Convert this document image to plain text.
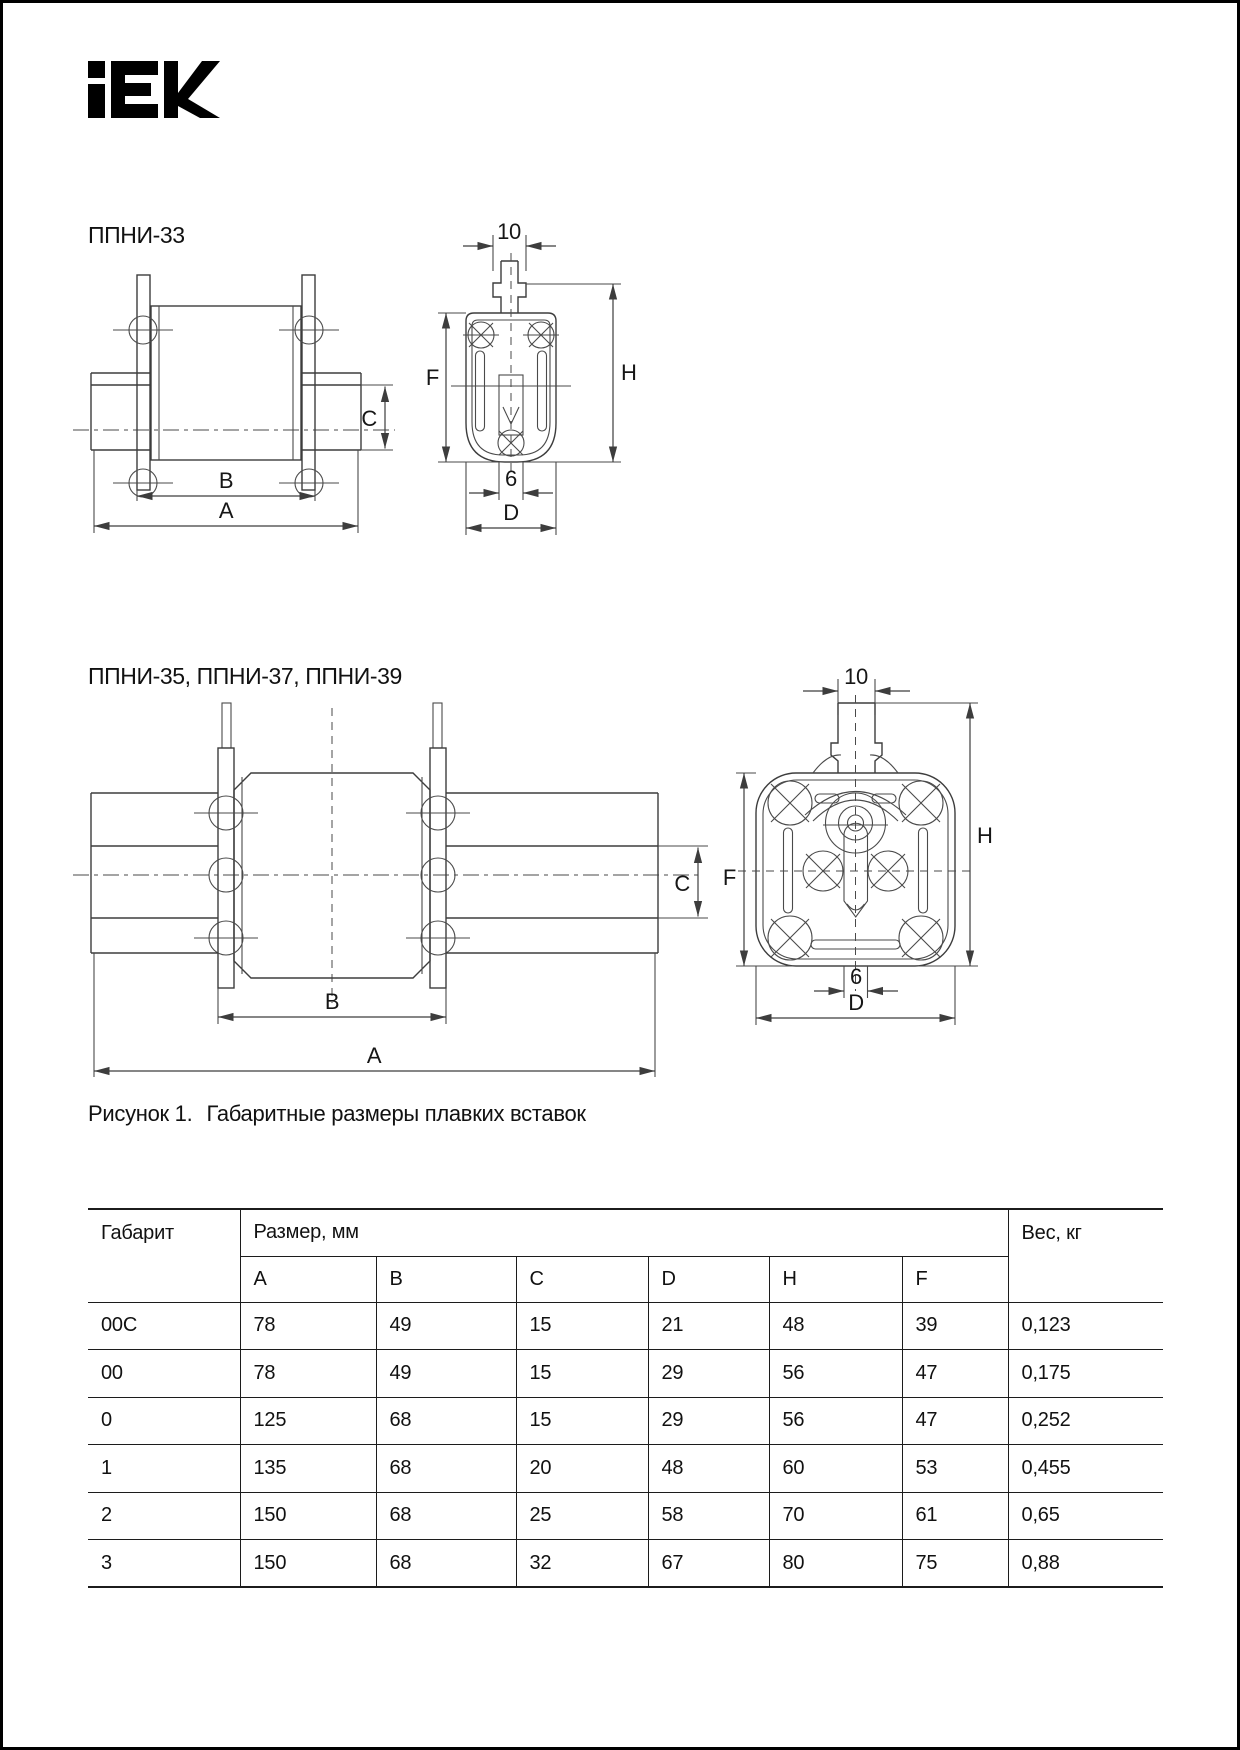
C
B
A
10
F	H
6
D
C
B
A
10
F
H
6
D
ППНИ-33
ППНИ-35, ППНИ-37, ППНИ-39
Рисунок 1. Габаритные размеры плавких вставок
Габарит	Размер, мм						Вес, кг
	A	B	C	D	H	F	
00C	78	49	15	21	48	39	0,123
00	78	49	15	29	56	47	0,175
0	125	68	15	29	56	47	0,252
1	135	68	20	48	60	53	0,455
2	150	68	25	58	70	61	0,65
3	150	68	32	67	80	75	0,88
